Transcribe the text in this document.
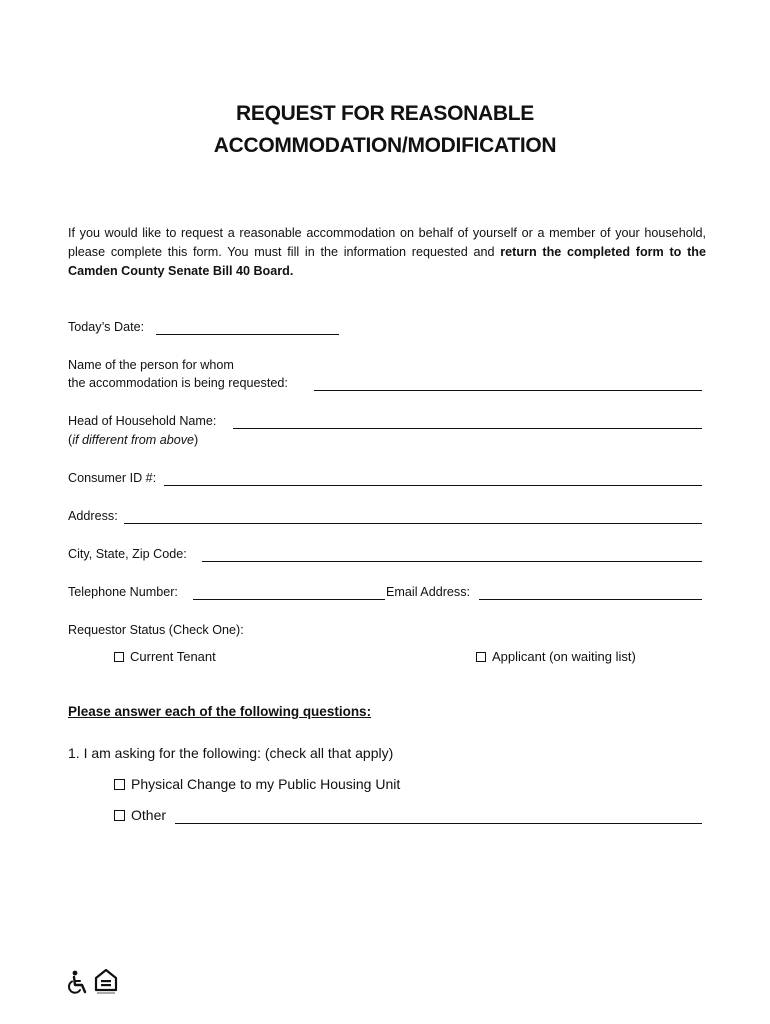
REQUEST FOR REASONABLE
ACCOMMODATION/MODIFICATION
If you would like to request a reasonable accommodation on behalf of yourself or a member of your household, please complete this form. You must fill in the information requested and return the completed form to the Camden County Senate Bill 40 Board.
Today’s Date:
Name of the person for whom
the accommodation is being requested:
Head of Household Name:
(if different from above)
Consumer ID #:
Address:
City, State, Zip Code:
Telephone Number:	Email Address:
Requestor Status (Check One):
Current Tenant	Applicant (on waiting list)
Please answer each of the following questions:
1. I am asking for the following: (check all that apply)
Physical Change to my Public Housing Unit
Other
